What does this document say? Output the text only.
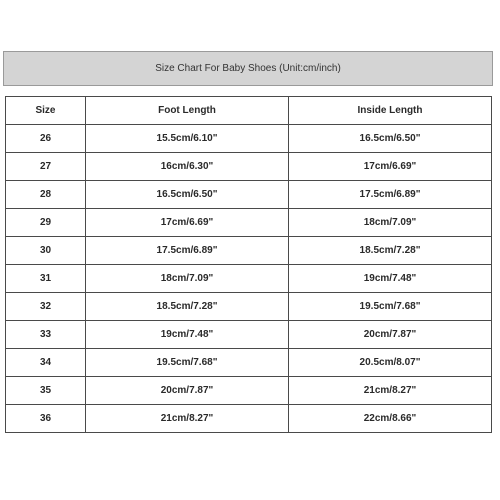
Size Chart For Baby Shoes (Unit:cm/inch)
Size	Foot Length	Inside Length
26	15.5cm/6.10"	16.5cm/6.50"
27	16cm/6.30"	17cm/6.69"
28	16.5cm/6.50"	17.5cm/6.89"
29	17cm/6.69"	18cm/7.09"
30	17.5cm/6.89"	18.5cm/7.28"
31	18cm/7.09"	19cm/7.48"
32	18.5cm/7.28"	19.5cm/7.68"
33	19cm/7.48"	20cm/7.87"
34	19.5cm/7.68"	20.5cm/8.07"
35	20cm/7.87"	21cm/8.27"
36	21cm/8.27"	22cm/8.66"
